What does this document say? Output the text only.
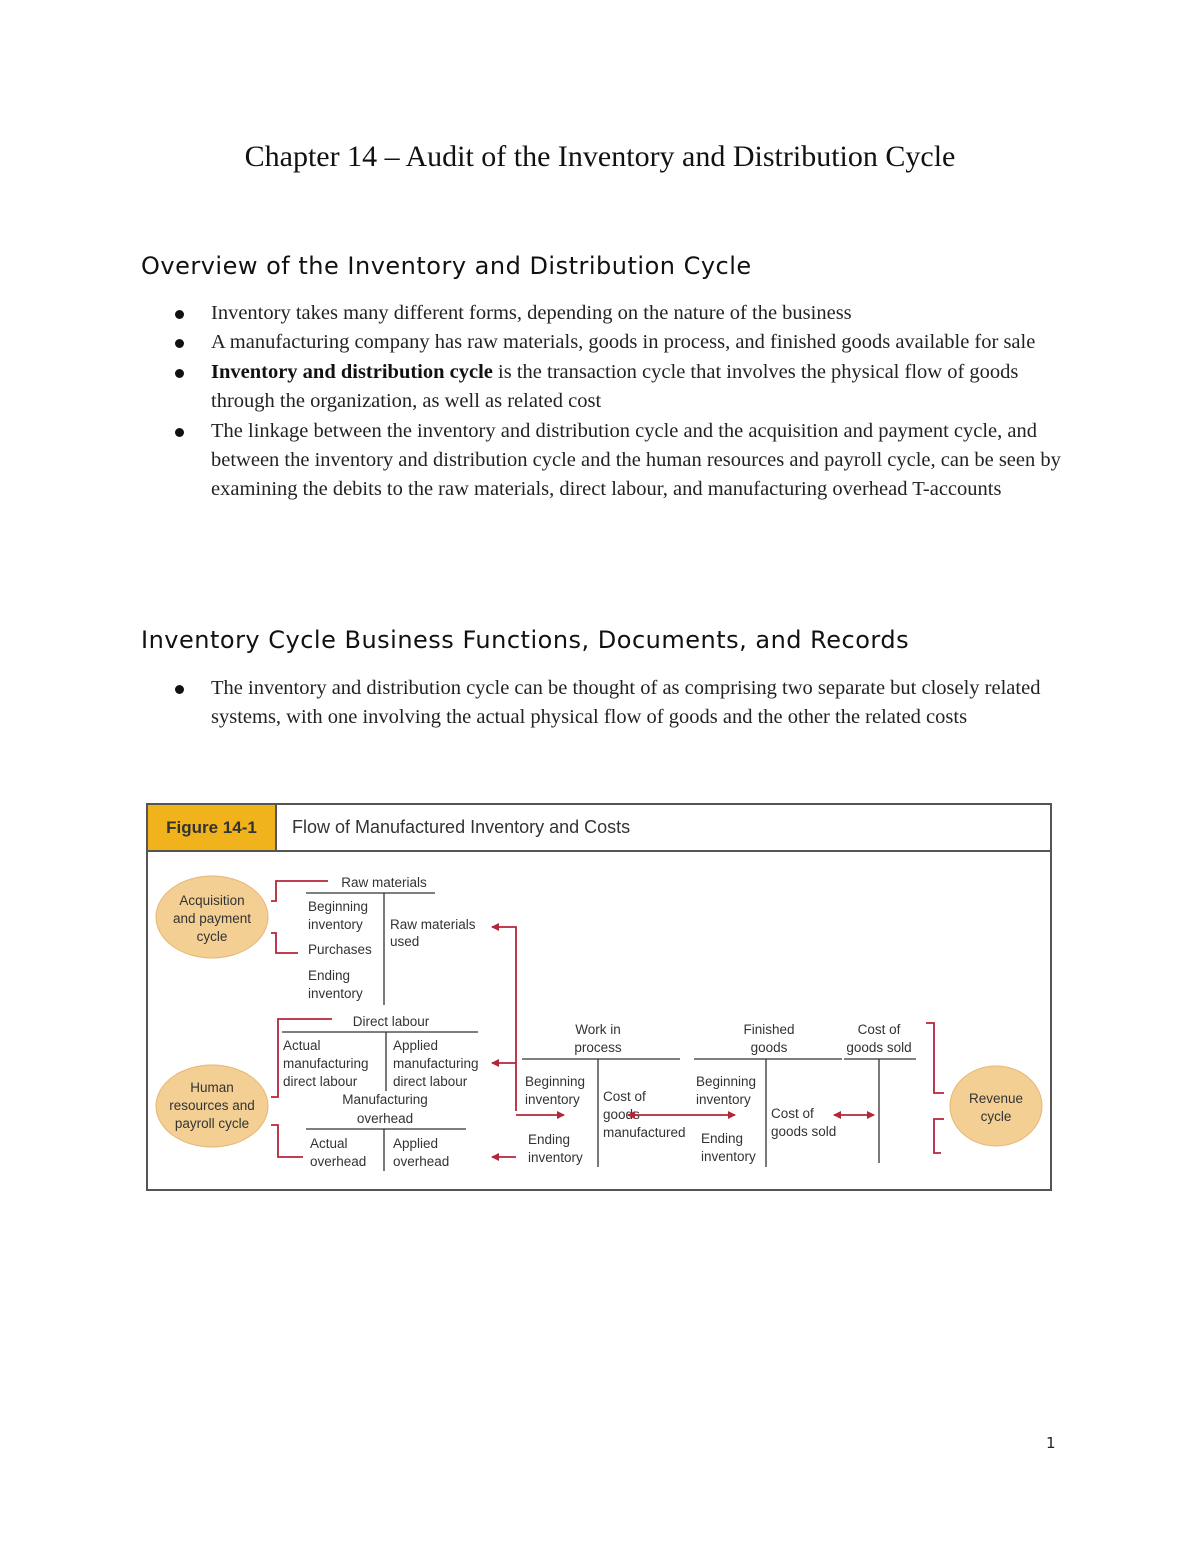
Chapter 14 – Audit of the Inventory and Distribution Cycle
Overview of the Inventory and Distribution Cycle
Inventory takes many different forms, depending on the nature of the business
A manufacturing company has raw materials, goods in process, and finished goods available for sale
Inventory and distribution cycle is the transaction cycle that involves the physical flow of goods through the organization, as well as related cost
The linkage between the inventory and distribution cycle and the acquisition and payment cycle, and between the inventory and distribution cycle and the human resources and payroll cycle, can be seen by examining the debits to the raw materials, direct labour, and manufacturing overhead T-accounts
Inventory Cycle Business Functions, Documents, and Records
The inventory and distribution cycle can be thought of as comprising two separate but closely related systems, with one involving the actual physical flow of goods and the other the related costs
Figure 14-1	Flow of Manufactured Inventory and Costs
Acquisition
and payment
cycle
Human
resources and
payroll cycle
Revenue
cycle
Raw materials
Beginning
inventory
Purchases
Ending
inventory
Raw materials
used
Direct labour
Actual
manufacturing
direct labour
Applied
manufacturing
direct labour
Manufacturing
overhead
Actual
overhead
Applied
overhead
Work in
process
Beginning
inventory
Ending
inventory
Cost of
goods
manufactured
Finished
goods
Beginning
inventory
Ending
inventory
Cost of
goods sold
Cost of
goods sold
1
